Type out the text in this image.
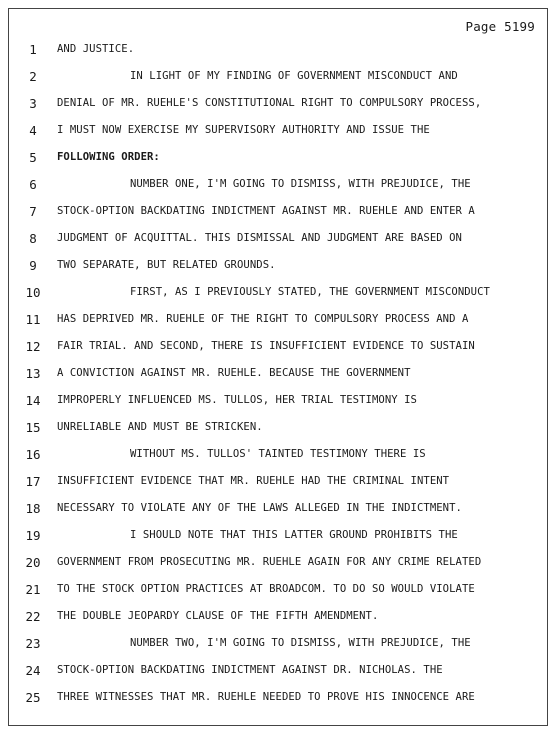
Page 5199
1	AND JUSTICE.
2	IN LIGHT OF MY FINDING OF GOVERNMENT MISCONDUCT AND
3	DENIAL OF MR. RUEHLE'S CONSTITUTIONAL RIGHT TO COMPULSORY PROCESS,
4	I MUST NOW EXERCISE MY SUPERVISORY AUTHORITY AND ISSUE THE
5	FOLLOWING ORDER:
6	NUMBER ONE, I'M GOING TO DISMISS, WITH PREJUDICE, THE
7	STOCK-OPTION BACKDATING INDICTMENT AGAINST MR. RUEHLE AND ENTER A
8	JUDGMENT OF ACQUITTAL. THIS DISMISSAL AND JUDGMENT ARE BASED ON
9	TWO SEPARATE, BUT RELATED GROUNDS.
10	FIRST, AS I PREVIOUSLY STATED, THE GOVERNMENT MISCONDUCT
11 HAS DEPRIVED MR. RUEHLE OF THE RIGHT TO COMPULSORY PROCESS AND A
12 FAIR TRIAL. AND SECOND, THERE IS INSUFFICIENT EVIDENCE TO SUSTAIN
13 A CONVICTION AGAINST MR. RUEHLE. BECAUSE THE GOVERNMENT
14 IMPROPERLY INFLUENCED MS. TULLOS, HER TRIAL TESTIMONY IS
15 UNRELIABLE AND MUST BE STRICKEN.
16	WITHOUT MS. TULLOS' TAINTED TESTIMONY THERE IS
17 INSUFFICIENT EVIDENCE THAT MR. RUEHLE HAD THE CRIMINAL INTENT
18 NECESSARY TO VIOLATE ANY OF THE LAWS ALLEGED IN THE INDICTMENT.
19	I SHOULD NOTE THAT THIS LATTER GROUND PROHIBITS THE
20 GOVERNMENT FROM PROSECUTING MR. RUEHLE AGAIN FOR ANY CRIME RELATED
21 TO THE STOCK OPTION PRACTICES AT BROADCOM. TO DO SO WOULD VIOLATE
22 THE DOUBLE JEOPARDY CLAUSE OF THE FIFTH AMENDMENT.
23	NUMBER TWO, I'M GOING TO DISMISS, WITH PREJUDICE, THE
24 STOCK-OPTION BACKDATING INDICTMENT AGAINST DR. NICHOLAS. THE
25 THREE WITNESSES THAT MR. RUEHLE NEEDED TO PROVE HIS INNOCENCE ARE
